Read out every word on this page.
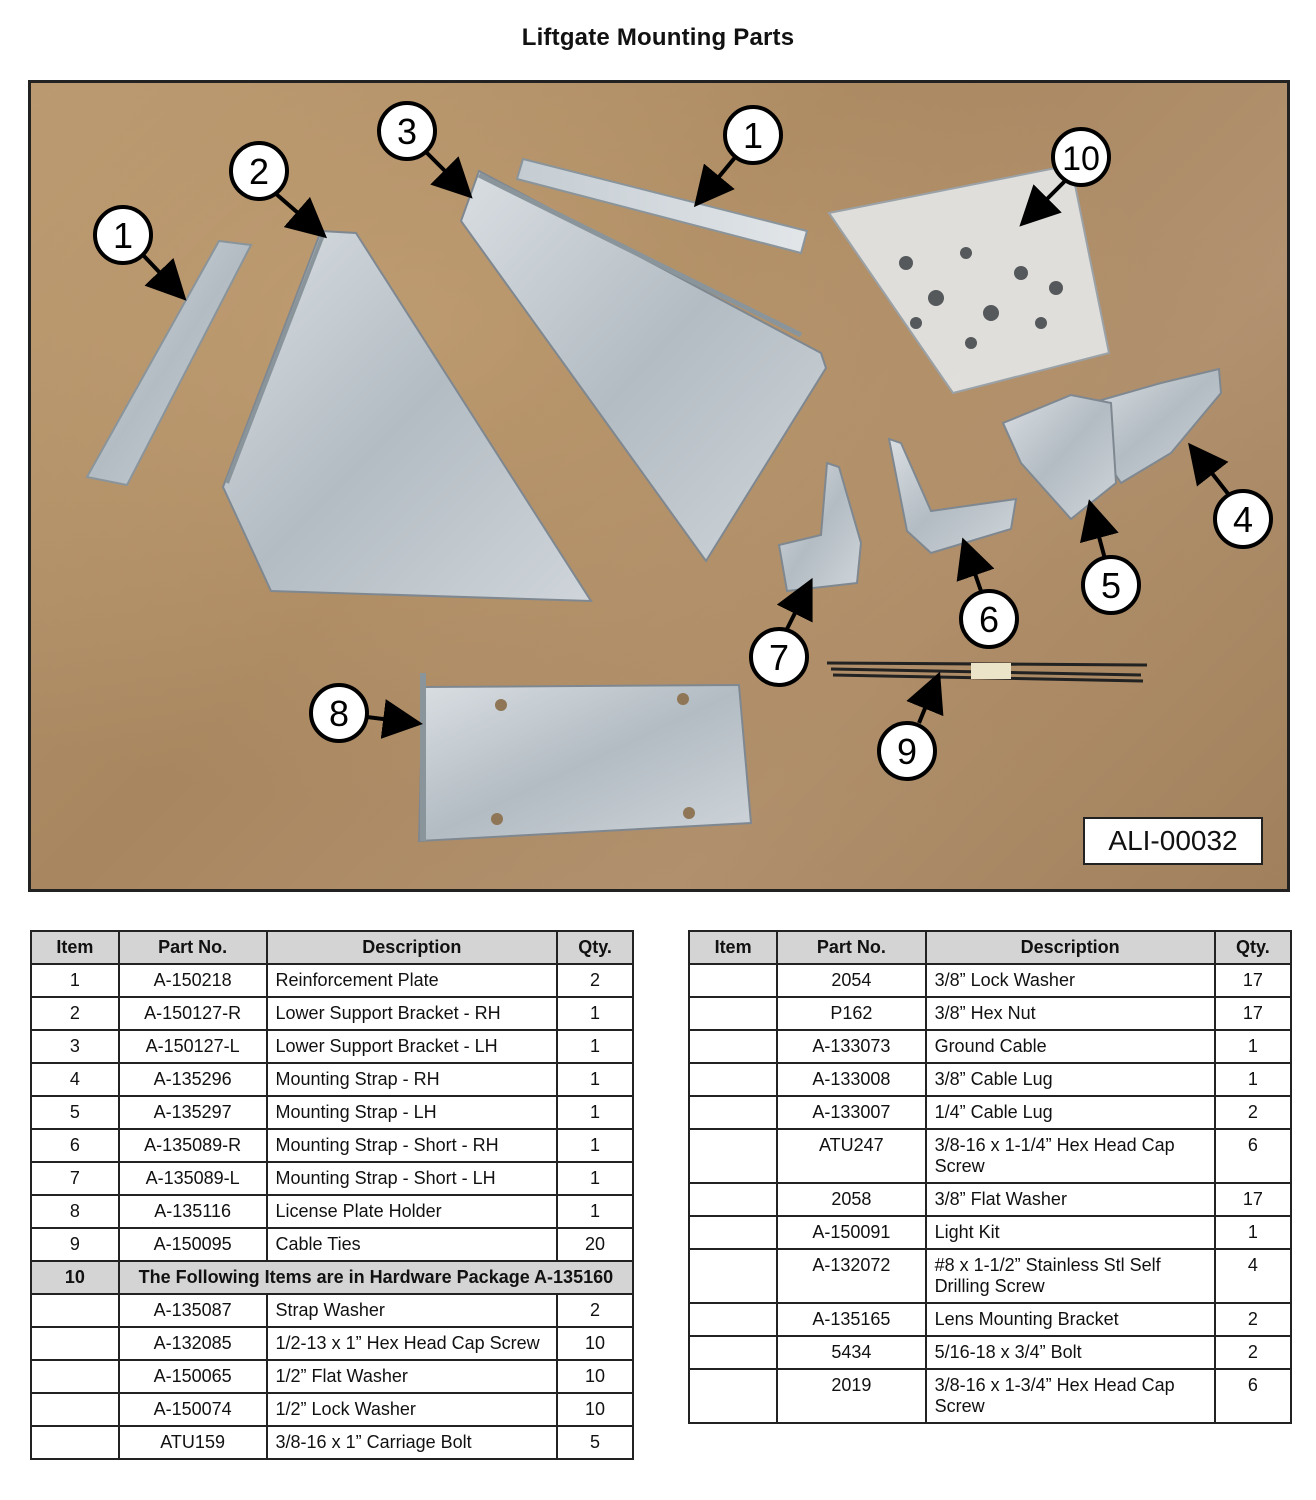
Liftgate Mounting Parts
1
2
3	1
10
4
5
6
7
8
9
ALI-00032
Item	Part No.	Description	Qty.
1	A-150218	Reinforcement Plate	2
2	A-150127-R	Lower Support Bracket - RH	1
3	A-150127-L	Lower Support Bracket - LH	1
4	A-135296	Mounting Strap - RH	1
5	A-135297	Mounting Strap - LH	1
6	A-135089-R	Mounting Strap - Short - RH	1
7	A-135089-L	Mounting Strap - Short - LH	1
8	A-135116	License Plate Holder	1
9	A-150095	Cable Ties	20
10	The Following Items are in Hardware Package A-135160		
	A-135087	Strap Washer	2
	A-132085	1/2-13 x 1” Hex Head Cap Screw	10
	A-150065	1/2” Flat Washer	10
	A-150074	1/2” Lock Washer	10
	ATU159	3/8-16 x 1” Carriage Bolt	5
Item	Part No.	Description	Qty.
	2054	3/8” Lock Washer	17
	P162	3/8” Hex Nut	17
	A-133073	Ground Cable	1
	A-133008	3/8” Cable Lug	1
	A-133007	1/4” Cable Lug	2
	ATU247	3/8-16 x 1-1/4” Hex Head Cap Screw	6
	2058	3/8” Flat Washer	17
	A-150091	Light Kit	1
	A-132072	#8 x 1-1/2” Stainless Stl Self Drilling Screw	4
	A-135165	Lens Mounting Bracket	2
	5434	5/16-18 x 3/4” Bolt	2
	2019	3/8-16 x 1-3/4” Hex Head Cap Screw	6
